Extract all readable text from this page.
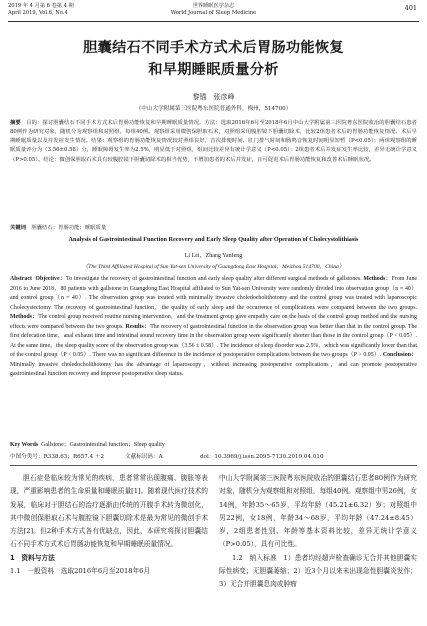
2019 年 4 月第 6 卷第 4 期
April 2019, Vol.6, No.4
世界睡眠医学杂志
World Journal of Sleep Medicine
401
胆囊结石不同手术方式术后胃肠功能恢复
和早期睡眠质量分析
黎锚　张彦峰
（中山大学附属第三医院粤东医院普通外科，梅州，514700）
摘要　 目的：探讨胆囊结石不同手术方式术后胃肠功能恢复和早期睡眠质量情况。方法：选取2016年6月至2018年6月中山大学附属第三医院粤东医院收治的胆囊结石患者80例作为研究对象，随机分为观察组和对照组，每组40例。观察组采用微创保胆取石术，对照组采用腹腔镜下胆囊切除术，比较2组患者术后的胃肠功能恢复情况、术后早期睡眠质量以及并发症发生情况。结果：观察组的胃肠功能恢复情况较对照组良好，首次排便时间、肛门排气时间和肠鸣音恢复时间明显短暂（P<0.05）；两组观察组的睡眠质量评分为（3.56±0.58）分，睡眠障碍发生率为2.5%，明显低于对照组，组间比较差异有统计学意义（P<0.05）；2组患者术后并发症发生率比较，差异无统计学意义（P>0.05）。结论：微创保胆取石术具有较腹腔镜下胆囊切除术的相当优势，不增加患者的术后并发症，且可促进术后胃肠功能恢复和改善术后睡眠状况。
关键词　 胆囊结石；胃肠功能；睡眠质量
Analysis of Gastrointestinal Function Recovery and Early Sleep Quality after Operation of Cholecystolithiasis
Li Lei，Zhang Yanfeng
（The Third Affiliated Hospital of Sun Yat-sen University of Guangdong East Hospital，Meizhou 514700，China）
Abstract Objective：To investigate the recovery of gastrointestinal function and early sleep quality after different surgical methods of gallstones. Methods：From June 2016 to June 2018，80 patients with gallstone in Guangdong East Hospital affiliated to Sun Yat-sen University were randomly divided into observation group（n = 40）and control group（n = 40）. The observation group was treated with minimally invasive choledocholithotomy and the control group was treated with laparoscopic Cholecystectomy. The recovery of gastrointestinal function，the quality of early sleep and the occurrence of complications were compared between the two groups. Methods：The control group received routine nursing intervention，and the treatment group gave empathy care on the basis of the control group method and the nursing effects were compared between the two groups. Results：The recovery of gastrointestinal function in the observation group was better than that in the control group. The first defecation time，anal exhaust time and intestinal sound recovery time in the observation group were significantly shorter than those in the control group（P < 0.05）. At the same time，the sleep quality score of the observation group was（3.56 ± 0.58）. The incidence of sleep disorder was 2.5%，which was significantly lower than that of the control group（P < 0.05）. There was no significant difference in the incidence of postoperative complications between the two groups（P > 0.05）. Conclusion：Minimally invasive choledocholithotomy has the advantage of laparoscopy，without increasing postoperative complications，and can promote postoperative gastrointestinal function recovery and improve postoperative sleep status.
Key Words Gallstone；Gastrointestinal function；Sleep quality
中图分类号：R338.63；R657.4 ＋2	文献标识码：A	doi：10.3969/j.issn.2095-7130.2019.04.010

胆石症是临床较为常见的疾病，患者常常出现腹痛、腹胀等表现，严重影响患者的生命质量和睡眠质量[1]。随着现代医疗技术的发展，临床对于胆结石的治疗逐渐由传统的开腹手术转为微创化，其中微创保胆取石术与腹腔镜下胆囊切除术是最为常见的微创手术方法[2]。但2种手术方式各有优缺点，因此，本研究将探讨胆囊结石不同手术方式术后胃肠功能恢复和早期睡眠质量情况。

1　资料与方法

1.1　一般资料　选取2016年6月至2018年6月

中山大学附属第三医院粤东医院收治的胆囊结石患者80例作为研究对象，随机分为观察组和对照组，每组40例。观察组中男26例，女14例，年龄35～65岁，平均年龄（45.21±6.32）岁；对照组中男22例，女18例，年龄34～68岁，平均年龄（47.24±8.45）岁，2组患者性别、年龄等基本资料比较，差异无统计学意义（P>0.05），具有可比性。

1.2　纳入标准　1）患者均经超声检查确诊无合并其他胆囊实际性病变；无胆囊萎缩；2）近3个月以来未出现急性胆囊炎发作；3）无合并胆囊息肉或肿瘤
